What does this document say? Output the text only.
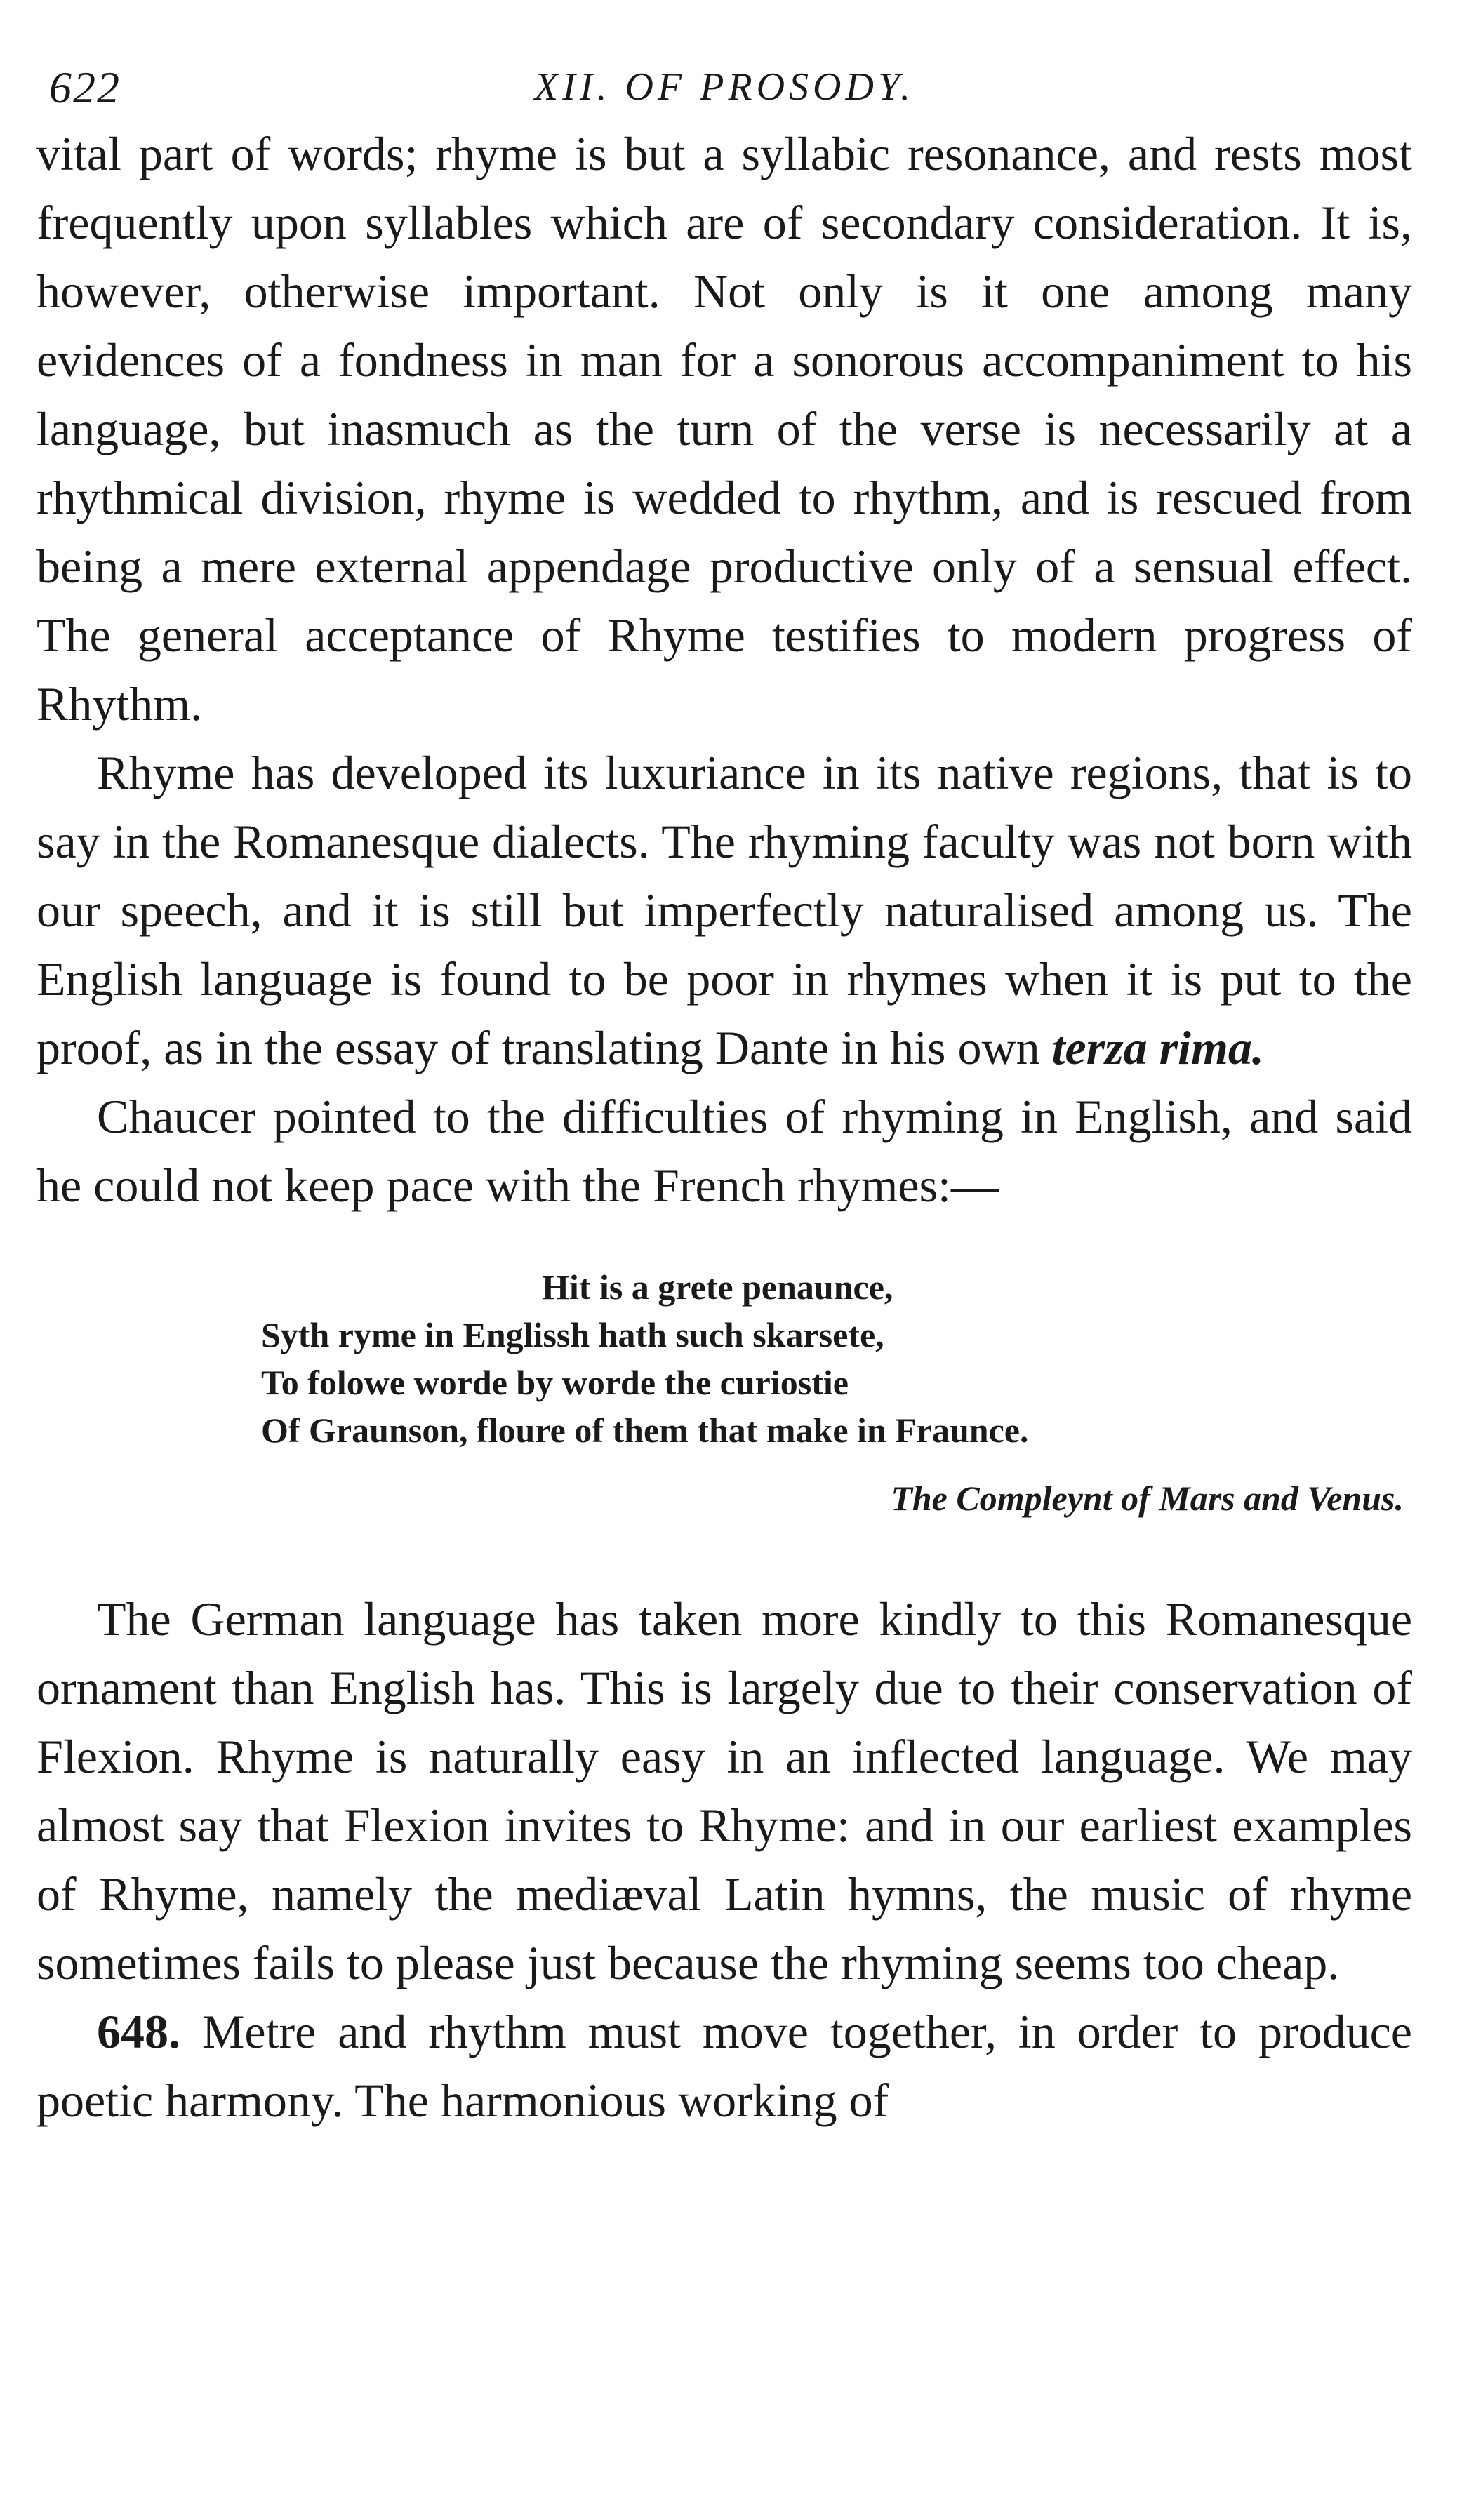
622	XII. OF PROSODY.

vital part of words; rhyme is but a syllabic resonance, and rests most frequently upon syllables which are of secondary consideration. It is, however, otherwise important. Not only is it one among many evidences of a fondness in man for a sonorous accompaniment to his language, but inasmuch as the turn of the verse is necessarily at a rhythmical division, rhyme is wedded to rhythm, and is rescued from being a mere external appendage productive only of a sensual effect. The general acceptance of Rhyme testifies to modern progress of Rhythm.

Rhyme has developed its luxuriance in its native regions, that is to say in the Romanesque dialects. The rhyming faculty was not born with our speech, and it is still but imperfectly naturalised among us. The English language is found to be poor in rhymes when it is put to the proof, as in the essay of translating Dante in his own terza rima.

Chaucer pointed to the difficulties of rhyming in English, and said he could not keep pace with the French rhymes:—

Hit is a grete penaunce,
Syth ryme in Englissh hath such skarsete,
To folowe worde by worde the curiostie
Of Graunson, floure of them that make in Fraunce.
The Compleynt of Mars and Venus.

The German language has taken more kindly to this Romanesque ornament than English has. This is largely due to their conservation of Flexion. Rhyme is naturally easy in an inflected language. We may almost say that Flexion invites to Rhyme: and in our earliest examples of Rhyme, namely the mediæval Latin hymns, the music of rhyme sometimes fails to please just because the rhyming seems too cheap.

648. Metre and rhythm must move together, in order to produce poetic harmony. The harmonious working of
